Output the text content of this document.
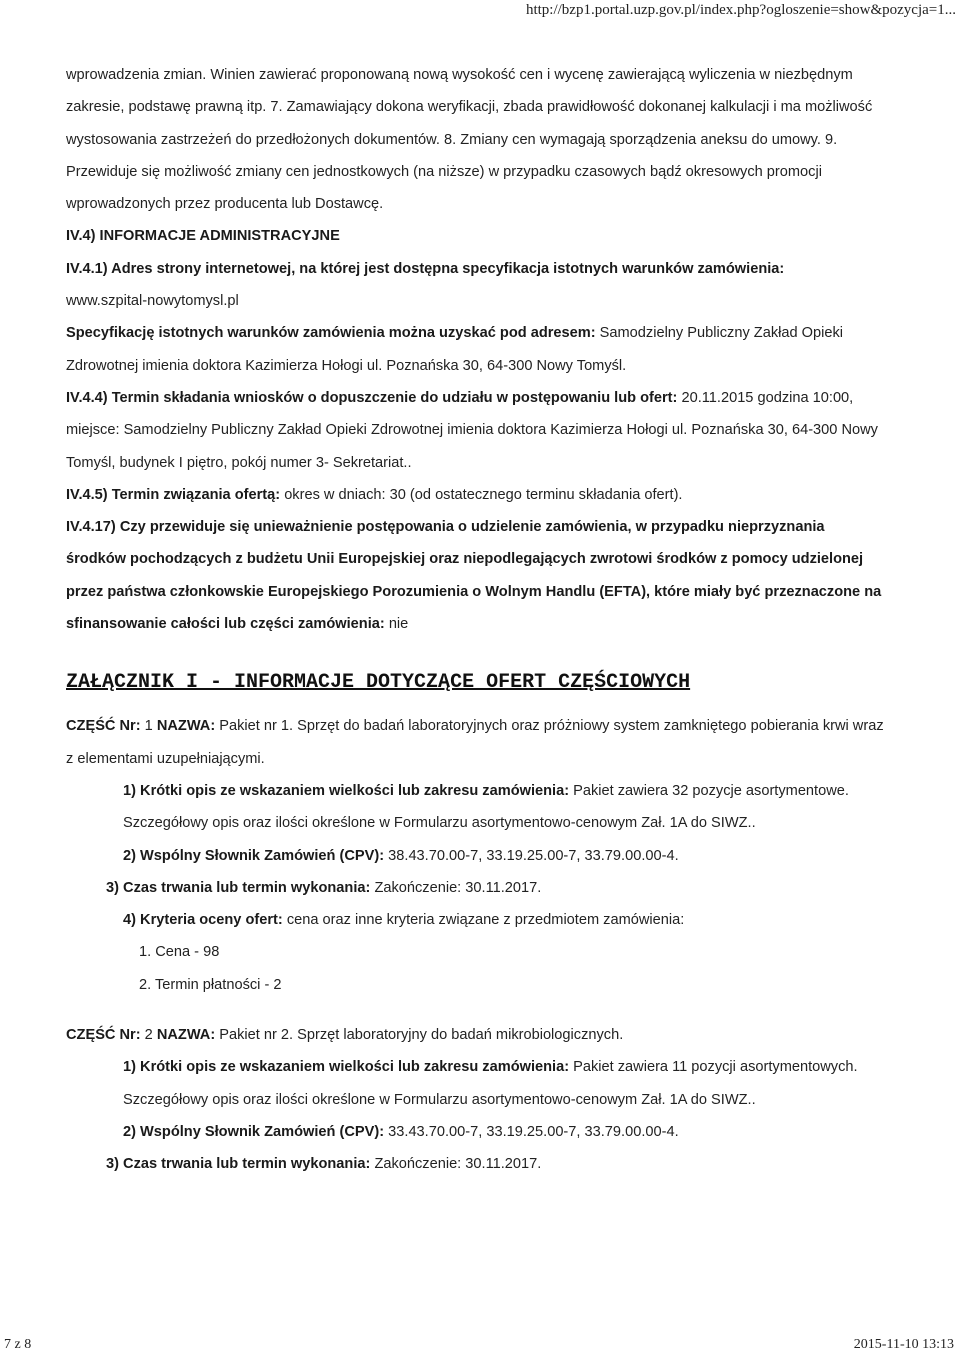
http://bzp1.portal.uzp.gov.pl/index.php?ogloszenie=show&pozycja=1...

wprowadzenia zmian. Winien zawierać proponowaną nową wysokość cen i wycenę zawierającą wyliczenia w niezbędnym zakresie, podstawę prawną itp. 7. Zamawiający dokona weryfikacji, zbada prawidłowość dokonanej kalkulacji i ma możliwość wystosowania zastrzeżeń do przedłożonych dokumentów. 8. Zmiany cen wymagają sporządzenia aneksu do umowy. 9. Przewiduje się możliwość zmiany cen jednostkowych (na niższe) w przypadku czasowych bądź okresowych promocji wprowadzonych przez producenta lub Dostawcę.

IV.4) INFORMACJE ADMINISTRACYJNE

IV.4.1) Adres strony internetowej, na której jest dostępna specyfikacja istotnych warunków zamówienia:
www.szpital-nowytomysl.pl

Specyfikację istotnych warunków zamówienia można uzyskać pod adresem: Samodzielny Publiczny Zakład Opieki Zdrowotnej imienia doktora Kazimierza Hołogi ul. Poznańska 30, 64-300 Nowy Tomyśl.

IV.4.4) Termin składania wniosków o dopuszczenie do udziału w postępowaniu lub ofert: 20.11.2015 godzina 10:00, miejsce: Samodzielny Publiczny Zakład Opieki Zdrowotnej imienia doktora Kazimierza Hołogi ul. Poznańska 30, 64-300 Nowy Tomyśl, budynek I piętro, pokój numer 3- Sekretariat..

IV.4.5) Termin związania ofertą: okres w dniach: 30 (od ostatecznego terminu składania ofert).

IV.4.17) Czy przewiduje się unieważnienie postępowania o udzielenie zamówienia, w przypadku nieprzyznania środków pochodzących z budżetu Unii Europejskiej oraz niepodlegających zwrotowi środków z pomocy udzielonej przez państwa członkowskie Europejskiego Porozumienia o Wolnym Handlu (EFTA), które miały być przeznaczone na sfinansowanie całości lub części zamówienia: nie

ZAŁĄCZNIK I - INFORMACJE DOTYCZĄCE OFERT CZĘŚCIOWYCH

CZĘŚĆ Nr: 1 NAZWA: Pakiet nr 1. Sprzęt do badań laboratoryjnych oraz próżniowy system zamkniętego pobierania krwi wraz z elementami uzupełniającymi.

1) Krótki opis ze wskazaniem wielkości lub zakresu zamówienia: Pakiet zawiera 32 pozycje asortymentowe. Szczegółowy opis oraz ilości określone w Formularzu asortymentowo-cenowym Zał. 1A do SIWZ..

2) Wspólny Słownik Zamówień (CPV): 38.43.70.00-7, 33.19.25.00-7, 33.79.00.00-4.

3) Czas trwania lub termin wykonania: Zakończenie: 30.11.2017.

4) Kryteria oceny ofert: cena oraz inne kryteria związane z przedmiotem zamówienia:

1. Cena - 98

2. Termin płatności - 2

CZĘŚĆ Nr: 2 NAZWA: Pakiet nr 2. Sprzęt laboratoryjny do badań mikrobiologicznych.

1) Krótki opis ze wskazaniem wielkości lub zakresu zamówienia: Pakiet zawiera 11 pozycji asortymentowych. Szczegółowy opis oraz ilości określone w Formularzu asortymentowo-cenowym Zał. 1A do SIWZ..

2) Wspólny Słownik Zamówień (CPV): 33.43.70.00-7, 33.19.25.00-7, 33.79.00.00-4.

3) Czas trwania lub termin wykonania: Zakończenie: 30.11.2017.

7 z 8	2015-11-10 13:13
